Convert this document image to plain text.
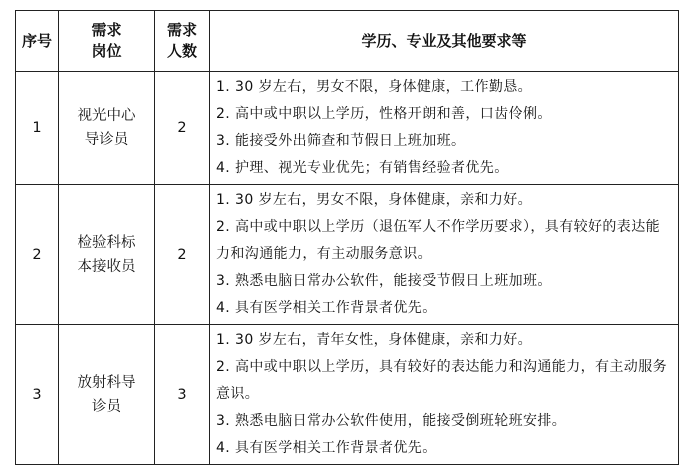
序号	需求岗位	需求人数	学历、专业及其他要求等
1	视光中心导诊员	2	1. 30 岁左右，男女不限，身体健康，工作勤恳。
2. 高中或中职以上学历，性格开朗和善，口齿伶俐。
3. 能接受外出筛查和节假日上班加班。
4. 护理、视光专业优先；有销售经验者优先。

2	检验科标本接收员	2	1. 30 岁左右，男女不限，身体健康，亲和力好。
2. 高中或中职以上学历（退伍军人不作学历要求），具有较好的表达能力和沟通能力，有主动服务意识。
3. 熟悉电脑日常办公软件，能接受节假日上班加班。
4. 具有医学相关工作背景者优先。

3	放射科导诊员	3	1. 30 岁左右，青年女性，身体健康，亲和力好。
2. 高中或中职以上学历，具有较好的表达能力和沟通能力，有主动服务意识。
3. 熟悉电脑日常办公软件使用，能接受倒班轮班安排。
4. 具有医学相关工作背景者优先。
